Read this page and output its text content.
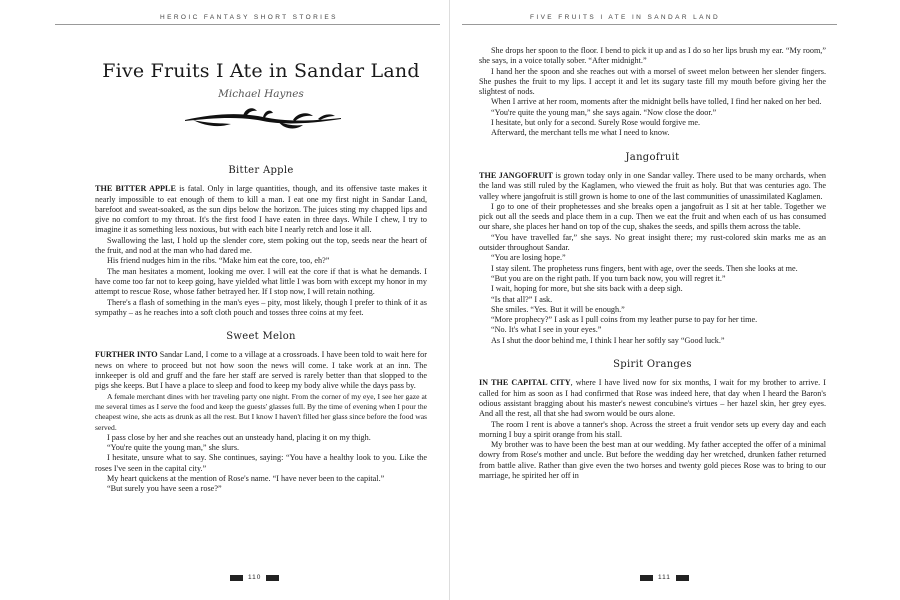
HEROIC FANTASY SHORT STORIES
Five Fruits I Ate in Sandar Land
Michael Haynes
Bitter Apple

THE BITTER APPLE is fatal. Only in large quantities, though, and its offensive taste makes it nearly impossible to eat enough of them to kill a man. I eat one my first night in Sandar Land, barefoot and sweat-soaked, as the sun dips below the horizon. The juices sting my chapped lips and give no comfort to my throat. It's the first food I have eaten in three days. While I chew, I try to imagine it as something less noxious, but with each bite I nearly retch and lose it all.

Swallowing the last, I hold up the slender core, stem poking out the top, seeds near the heart of the fruit, and nod at the man who had dared me.

His friend nudges him in the ribs. “Make him eat the core, too, eh?”

The man hesitates a moment, looking me over. I will eat the core if that is what he demands. I have come too far not to keep going, have yielded what little I was born with except my honor in my attempt to rescue Rose, whose father betrayed her. If I stop now, I will retain nothing.

There's a flash of something in the man's eyes – pity, most likely, though I prefer to think of it as sympathy – as he reaches into a soft cloth pouch and tosses three coins at my feet.

Sweet Melon

FURTHER INTO Sandar Land, I come to a village at a crossroads. I have been told to wait here for news on where to proceed but not how soon the news will come. I take work at an inn. The innkeeper is old and gruff and the fare her staff are served is rarely better than that slopped to the pigs she keeps. But I have a place to sleep and food to keep my body alive while the days pass by.

A female merchant dines with her traveling party one night. From the corner of my eye, I see her gaze at me several times as I serve the food and keep the guests' glasses full. By the time of evening when I pour the cheapest wine, she acts as drunk as all the rest. But I know I haven't filled her glass since before the food was served.

I pass close by her and she reaches out an unsteady hand, placing it on my thigh.

“You're quite the young man,” she slurs.

I hesitate, unsure what to say. She continues, saying: “You have a healthy look to you. Like the roses I've seen in the capital city.”

My heart quickens at the mention of Rose's name. “I have never been to the capital.”

“But surely you have seen a rose?”

110
FIVE FRUITS I ATE IN SANDAR LAND

She drops her spoon to the floor. I bend to pick it up and as I do so her lips brush my ear. “My room,” she says, in a voice totally sober. “After midnight.”

I hand her the spoon and she reaches out with a morsel of sweet melon between her slender fingers. She pushes the fruit to my lips. I accept it and let its sugary taste fill my mouth before giving her the slightest of nods.

When I arrive at her room, moments after the midnight bells have tolled, I find her naked on her bed.

“You're quite the young man,” she says again. “Now close the door.”

I hesitate, but only for a second. Surely Rose would forgive me.

Afterward, the merchant tells me what I need to know.

Jangofruit

THE JANGOFRUIT is grown today only in one Sandar valley. There used to be many orchards, when the land was still ruled by the Kaglamen, who viewed the fruit as holy. But that was centuries ago. The valley where jangofruit is still grown is home to one of the last communities of unassimilated Kaglamen.

I go to one of their prophetesses and she breaks open a jangofruit as I sit at her table. Together we pick out all the seeds and place them in a cup. Then we eat the fruit and when each of us has consumed our share, she places her hand on top of the cup, shakes the seeds, and spills them across the table.

“You have travelled far,” she says. No great insight there; my rust-colored skin marks me as an outsider throughout Sandar.

“You are losing hope.”

I stay silent. The prophetess runs fingers, bent with age, over the seeds. Then she looks at me.

“But you are on the right path. If you turn back now, you will regret it.”

I wait, hoping for more, but she sits back with a deep sigh.

“Is that all?” I ask.

She smiles. “Yes. But it will be enough.”

“More prophecy?” I ask as I pull coins from my leather purse to pay for her time.

“No. It's what I see in your eyes.”

As I shut the door behind me, I think I hear her softly say “Good luck.”

Spirit Oranges

IN THE CAPITAL CITY, where I have lived now for six months, I wait for my brother to arrive. I called for him as soon as I had confirmed that Rose was indeed here, that day when I heard the Baron's odious assistant bragging about his master's newest concubine's virtues – her hazel skin, her grey eyes. And all the rest, all that she had sworn would be ours alone.

The room I rent is above a tanner's shop. Across the street a fruit vendor sets up every day and each morning I buy a spirit orange from his stall.

My brother was to have been the best man at our wedding. My father accepted the offer of a minimal dowry from Rose's mother and uncle. But before the wedding day her wretched, drunken father returned from battle alive. Rather than give even the two horses and twenty gold pieces Rose was to bring to our marriage, he spirited her off in

111
